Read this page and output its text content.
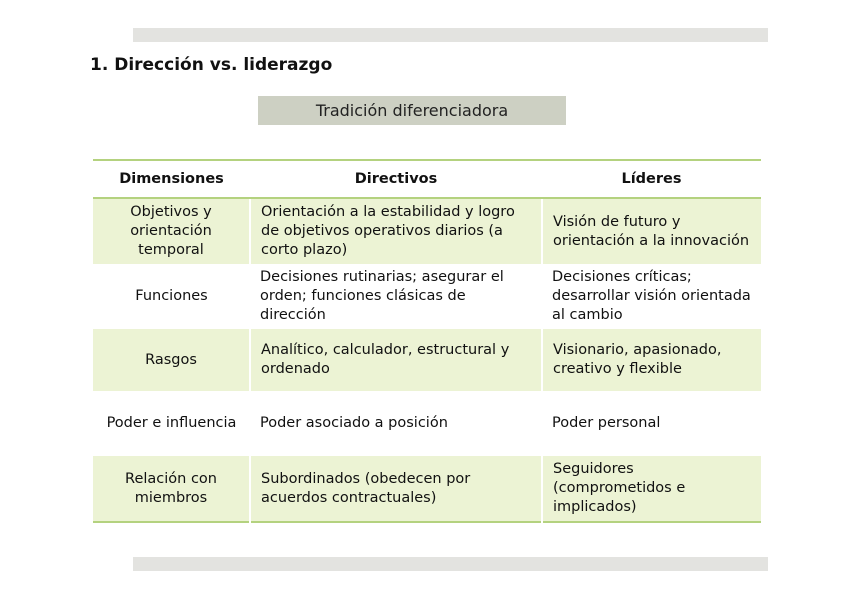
1. Dirección vs. liderazgo
Tradición diferenciadora
Dimensiones	Directivos	Líderes
Objetivos y orientación temporal	Orientación a la estabilidad y logro de objetivos operativos diarios (a corto plazo)	Visión de futuro y orientación a la innovación
Funciones	Decisiones rutinarias; asegurar el orden; funciones clásicas de dirección	Decisiones críticas; desarrollar visión orientada al cambio
Rasgos	Analítico, calculador, estructural y ordenado	Visionario, apasionado, creativo y flexible
Poder e influencia	Poder asociado a posición	Poder personal
Relación con miembros	Subordinados (obedecen por acuerdos contractuales)	Seguidores (comprometidos e implicados)
